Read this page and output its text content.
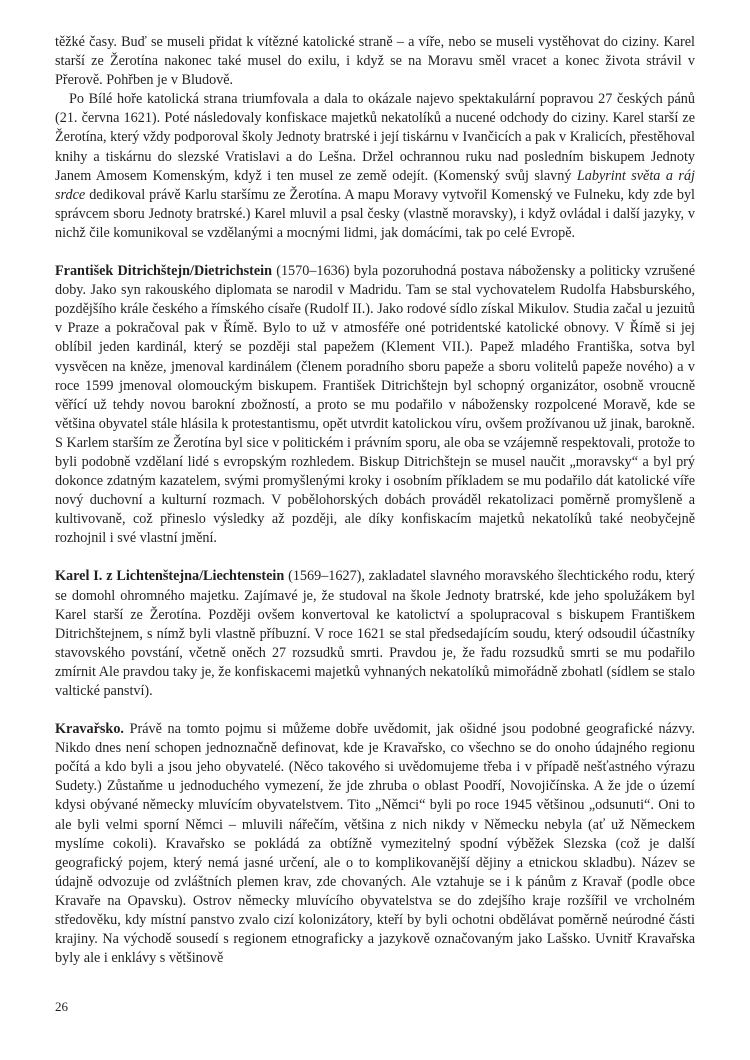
těžké časy. Buď se museli přidat k vítězné katolické straně – a víře, nebo se museli vystěhovat do ciziny. Karel starší ze Žerotína nakonec také musel do exilu, i když se na Moravu směl vracet a konec života strávil v Přerově. Pohřben je v Bludově.

Po Bílé hoře katolická strana triumfovala a dala to okázale najevo spektakulární popravou 27 českých pánů (21. června 1621). Poté následovaly konfiskace majetků nekatolíků a nucené odchody do ciziny. Karel starší ze Žerotína, který vždy podporoval školy Jednoty bratrské i její tiskárnu v Ivančicích a pak v Kralicích, přestěhoval knihy a tiskárnu do slezské Vratislavi a do Lešna. Držel ochrannou ruku nad posledním biskupem Jednoty Janem Amosem Komenským, když i ten musel ze země odejít. (Komenský svůj slavný Labyrint světa a ráj srdce dedikoval právě Karlu staršímu ze Žerotína. A mapu Moravy vytvořil Komenský ve Fulneku, kdy zde byl správcem sboru Jednoty bratrské.) Karel mluvil a psal česky (vlastně moravsky), i když ovládal i další jazyky, v nichž čile komunikoval se vzdělanými a mocnými lidmi, jak domácími, tak po celé Evropě.

František Ditrichštejn/Dietrichstein (1570–1636) byla pozoruhodná postava nábožensky a politicky vzrušené doby. Jako syn rakouského diplomata se narodil v Madridu. Tam se stal vychovatelem Rudolfa Habsburského, pozdějšího krále českého a římského císaře (Rudolf II.). Jako rodové sídlo získal Mikulov. Studia začal u jezuitů v Praze a pokračoval pak v Římě. Bylo to už v atmosféře oné potridentské katolické obnovy. V Římě si jej oblíbil jeden kardinál, který se později stal papežem (Klement VII.). Papež mladého Františka, sotva byl vysvěcen na kněze, jmenoval kardinálem (členem poradního sboru papeže a sboru volitelů papeže nového) a v roce 1599 jmenoval olomouckým biskupem. František Ditrichštejn byl schopný organizátor, osobně vroucně věřící už tehdy novou barokní zbožností, a proto se mu podařilo v nábožensky rozpolcené Moravě, kde se většina obyvatel stále hlásila k protestantismu, opět utvrdit katolickou víru, ovšem prožívanou už jinak, barokně. S Karlem starším ze Žerotína byl sice v politickém i právním sporu, ale oba se vzájemně respektovali, protože to byli podobně vzdělaní lidé s evropským rozhledem. Biskup Ditrichštejn se musel naučit „moravsky“ a byl prý dokonce zdatným kazatelem, svými promyšlenými kroky i osobním příkladem se mu podařilo dát katolické víře nový duchovní a kulturní rozmach. V pobělohorských dobách prováděl rekatolizaci poměrně promyšleně a kultivovaně, což přineslo výsledky až později, ale díky konfiskacím majetků nekatolíků také neobyčejně rozhojnil i své vlastní jmění.

Karel I. z Lichtenštejna/Liechtenstein (1569–1627), zakladatel slavného moravského šlechtického rodu, který se domohl ohromného majetku. Zajímavé je, že studoval na škole Jednoty bratrské, kde jeho spolužákem byl Karel starší ze Žerotína. Později ovšem konvertoval ke katolictví a spolupracoval s biskupem Františkem Ditrichštejnem, s nímž byli vlastně příbuzní. V roce 1621 se stal předsedajícím soudu, který odsoudil účastníky stavovského povstání, včetně oněch 27 rozsudků smrti. Pravdou je, že řadu rozsudků smrti se mu podařilo zmírnit Ale pravdou taky je, že konfiskacemi majetků vyhnaných nekatolíků mimořádně zbohatl (sídlem se stalo valtické panství).

Kravařsko. Právě na tomto pojmu si můžeme dobře uvědomit, jak ošidné jsou podobné geografické názvy. Nikdo dnes není schopen jednoznačně definovat, kde je Kravařsko, co všechno se do onoho údajného regionu počítá a kdo byli a jsou jeho obyvatelé. (Něco takového si uvědomujeme třeba i v případě nešťastného výrazu Sudety.) Zůstaňme u jednoduchého vymezení, že jde zhruba o oblast Poodří, Novojičínska. A že jde o území kdysi obývané německy mluvícím obyvatelstvem. Tito „Němci“ byli po roce 1945 většinou „odsunuti“. Oni to ale byli velmi sporní Němci – mluvili nářečím, většina z nich nikdy v Německu nebyla (ať už Německem myslíme cokoli). Kravařsko se pokládá za obtížně vymezitelný spodní výběžek Slezska (což je další geografický pojem, který nemá jasné určení, ale o to komplikovanější dějiny a etnickou skladbu). Název se údajně odvozuje od zvláštních plemen krav, zde chovaných. Ale vztahuje se i k pánům z Kravař (podle obce Kravaře na Opavsku). Ostrov německy mluvícího obyvatelstva se do zdejšího kraje rozšířil ve vrcholném středověku, kdy místní panstvo zvalo cizí kolonizátory, kteří by byli ochotni obdělávat poměrně neúrodné části krajiny. Na východě sousedí s regionem etnograficky a jazykově označovaným jako Lašsko. Uvnitř Kravařska byly ale i enklávy s většinově

26
